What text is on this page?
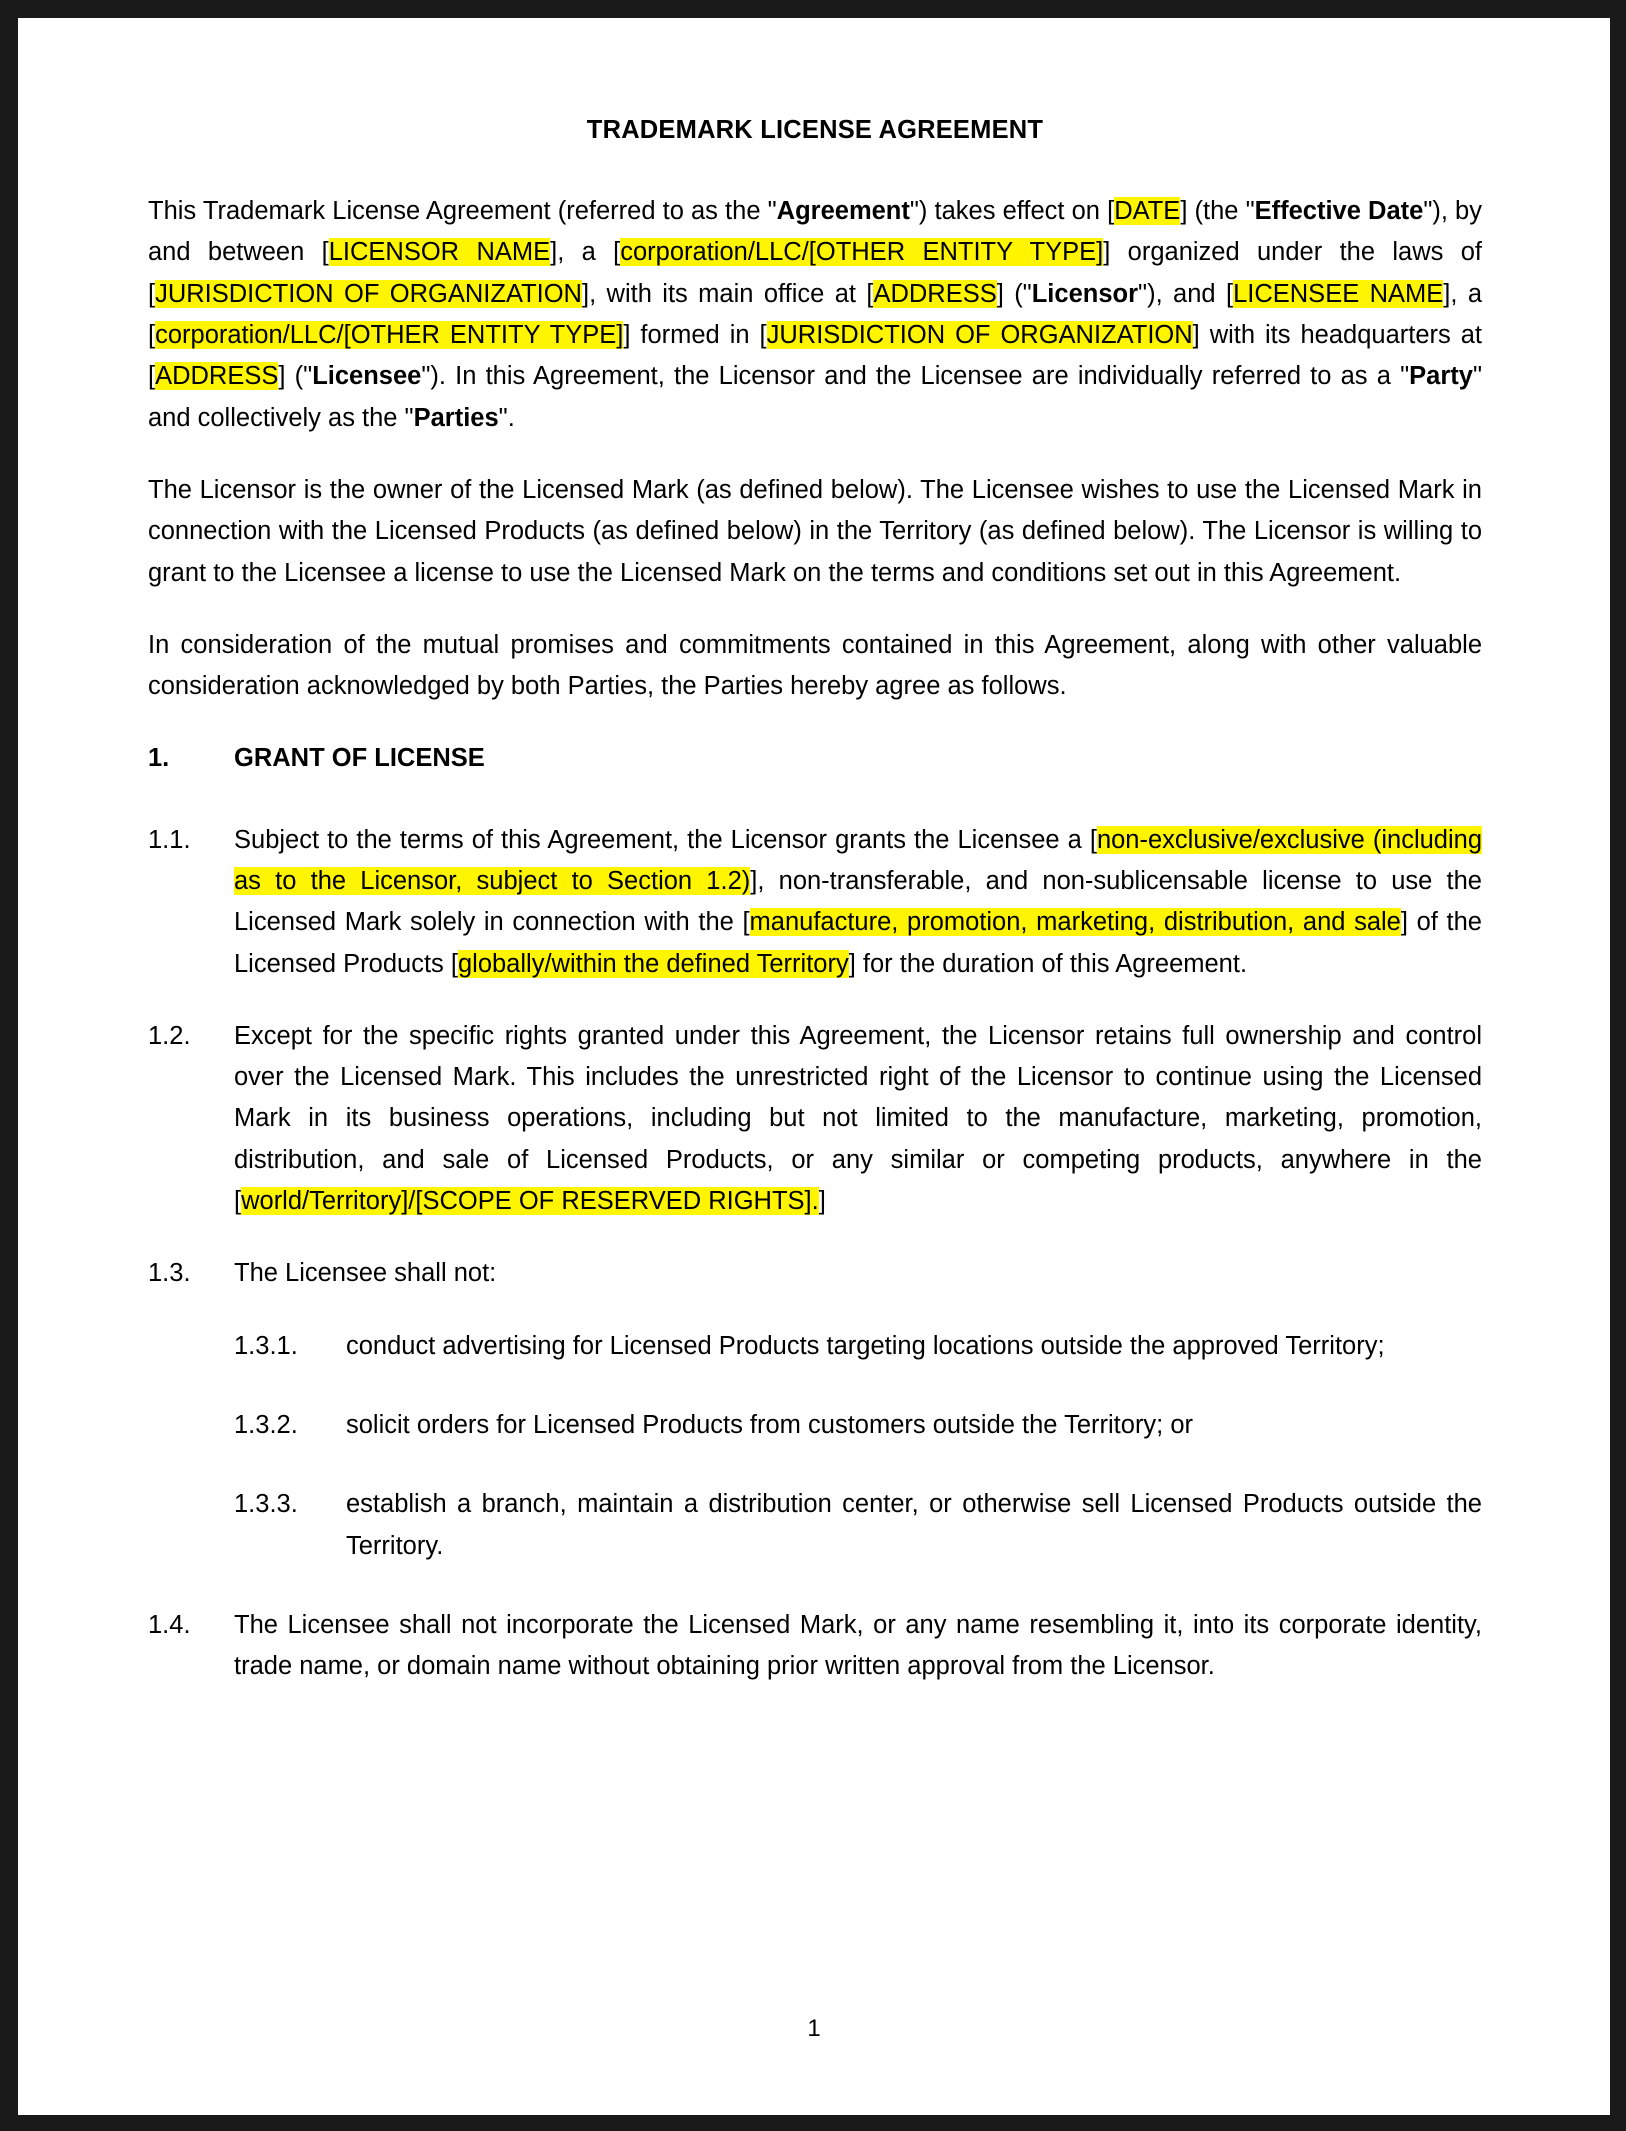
TRADEMARK LICENSE AGREEMENT

This Trademark License Agreement (referred to as the "Agreement") takes effect on [DATE] (the "Effective Date"), by and between [LICENSOR NAME], a [corporation/LLC/[OTHER ENTITY TYPE]] organized under the laws of [JURISDICTION OF ORGANIZATION], with its main office at [ADDRESS] ("Licensor"), and [LICENSEE NAME], a [corporation/LLC/[OTHER ENTITY TYPE]] formed in [JURISDICTION OF ORGANIZATION] with its headquarters at [ADDRESS] ("Licensee"). In this Agreement, the Licensor and the Licensee are individually referred to as a "Party" and collectively as the "Parties".

The Licensor is the owner of the Licensed Mark (as defined below). The Licensee wishes to use the Licensed Mark in connection with the Licensed Products (as defined below) in the Territory (as defined below). The Licensor is willing to grant to the Licensee a license to use the Licensed Mark on the terms and conditions set out in this Agreement.

In consideration of the mutual promises and commitments contained in this Agreement, along with other valuable consideration acknowledged by both Parties, the Parties hereby agree as follows.

1.	GRANT OF LICENSE
1.1.	Subject to the terms of this Agreement, the Licensor grants the Licensee a [non-exclusive/exclusive (including as to the Licensor, subject to Section 1.2)], non-transferable, and non-sublicensable license to use the Licensed Mark solely in connection with the [manufacture, promotion, marketing, distribution, and sale] of the Licensed Products [globally/within the defined Territory] for the duration of this Agreement.
1.2.	Except for the specific rights granted under this Agreement, the Licensor retains full ownership and control over the Licensed Mark. This includes the unrestricted right of the Licensor to continue using the Licensed Mark in its business operations, including but not limited to the manufacture, marketing, promotion, distribution, and sale of Licensed Products, or any similar or competing products, anywhere in the [world/Territory]/[SCOPE OF RESERVED RIGHTS].]
1.3.	The Licensee shall not:
1.3.1.	conduct advertising for Licensed Products targeting locations outside the approved Territory;
1.3.2.	solicit orders for Licensed Products from customers outside the Territory; or
1.3.3.	establish a branch, maintain a distribution center, or otherwise sell Licensed Products outside the Territory.
1.4.	The Licensee shall not incorporate the Licensed Mark, or any name resembling it, into its corporate identity, trade name, or domain name without obtaining prior written approval from the Licensor.
1
